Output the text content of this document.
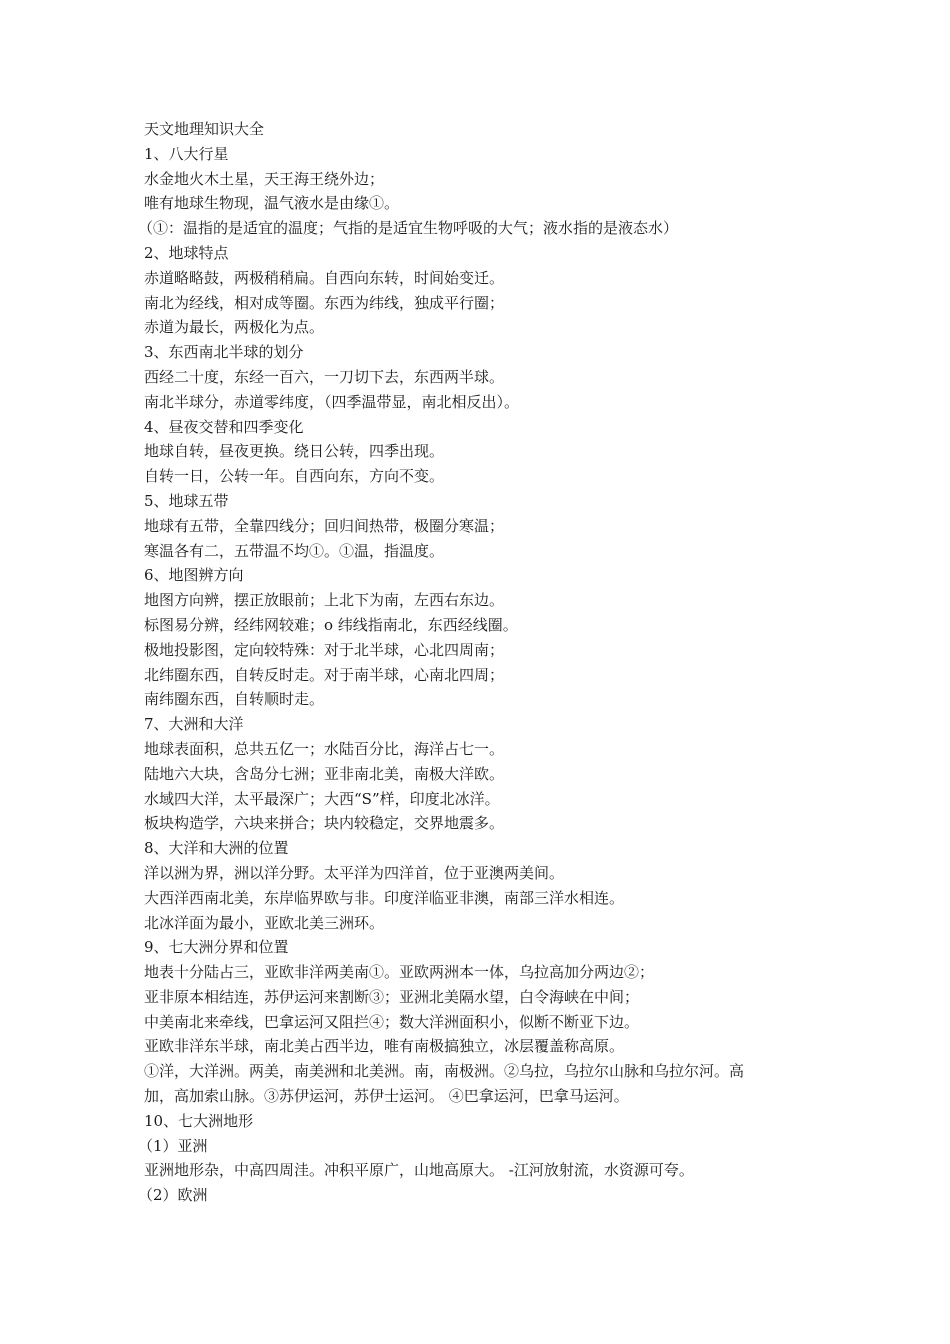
天文地理知识大全
1、八大行星
水金地火木土星，天王海王绕外边；
唯有地球生物现，温气液水是由缘①。
（①：温指的是适宜的温度；气指的是适宜生物呼吸的大气；液水指的是液态水）
2、地球特点
赤道略略鼓，两极稍稍扁。自西向东转，时间始变迁。
南北为经线，相对成等圈。东西为纬线，独成平行圈；
赤道为最长，两极化为点。
3、东西南北半球的划分
西经二十度，东经一百六，一刀切下去，东西两半球。
南北半球分，赤道零纬度，（四季温带显，南北相反出）。
4、昼夜交替和四季变化
地球自转，昼夜更换。绕日公转，四季出现。
自转一日，公转一年。自西向东，方向不变。
5、地球五带
地球有五带，全靠四线分；回归间热带，极圈分寒温；
寒温各有二，五带温不均①。①温，指温度。
6、地图辨方向
地图方向辨，摆正放眼前；上北下为南，左西右东边。
标图易分辨，经纬网较难；o 纬线指南北，东西经线圈。
极地投影图，定向较特殊：对于北半球，心北四周南；
北纬圈东西，自转反时走。对于南半球，心南北四周；
南纬圈东西，自转顺时走。
7、大洲和大洋
地球表面积，总共五亿一；水陆百分比，海洋占七一。
陆地六大块，含岛分七洲；亚非南北美，南极大洋欧。
水域四大洋，太平最深广；大西“S”样，印度北冰洋。
板块构造学，六块来拼合；块内较稳定，交界地震多。
8、大洋和大洲的位置
洋以洲为界，洲以洋分野。太平洋为四洋首，位于亚澳两美间。
大西洋西南北美，东岸临界欧与非。印度洋临亚非澳，南部三洋水相连。
北冰洋面为最小，亚欧北美三洲环。
9、七大洲分界和位置
地表十分陆占三，亚欧非洋两美南①。亚欧两洲本一体，乌拉高加分两边②；
亚非原本相结连，苏伊运河来割断③；亚洲北美隔水望，白令海峡在中间；
中美南北来牵线，巴拿运河又阻拦④；数大洋洲面积小，似断不断亚下边。
亚欧非洋东半球，南北美占西半边，唯有南极搞独立，冰层覆盖称高原。
①洋，大洋洲。两美，南美洲和北美洲。南，南极洲。②乌拉，乌拉尔山脉和乌拉尔河。高
加，高加索山脉。③苏伊运河，苏伊士运河。 ④巴拿运河，巴拿马运河。
10、七大洲地形
（1）亚洲
亚洲地形杂，中高四周洼。冲积平原广，山地高原大。 -江河放射流，水资源可夸。
（2）欧洲
